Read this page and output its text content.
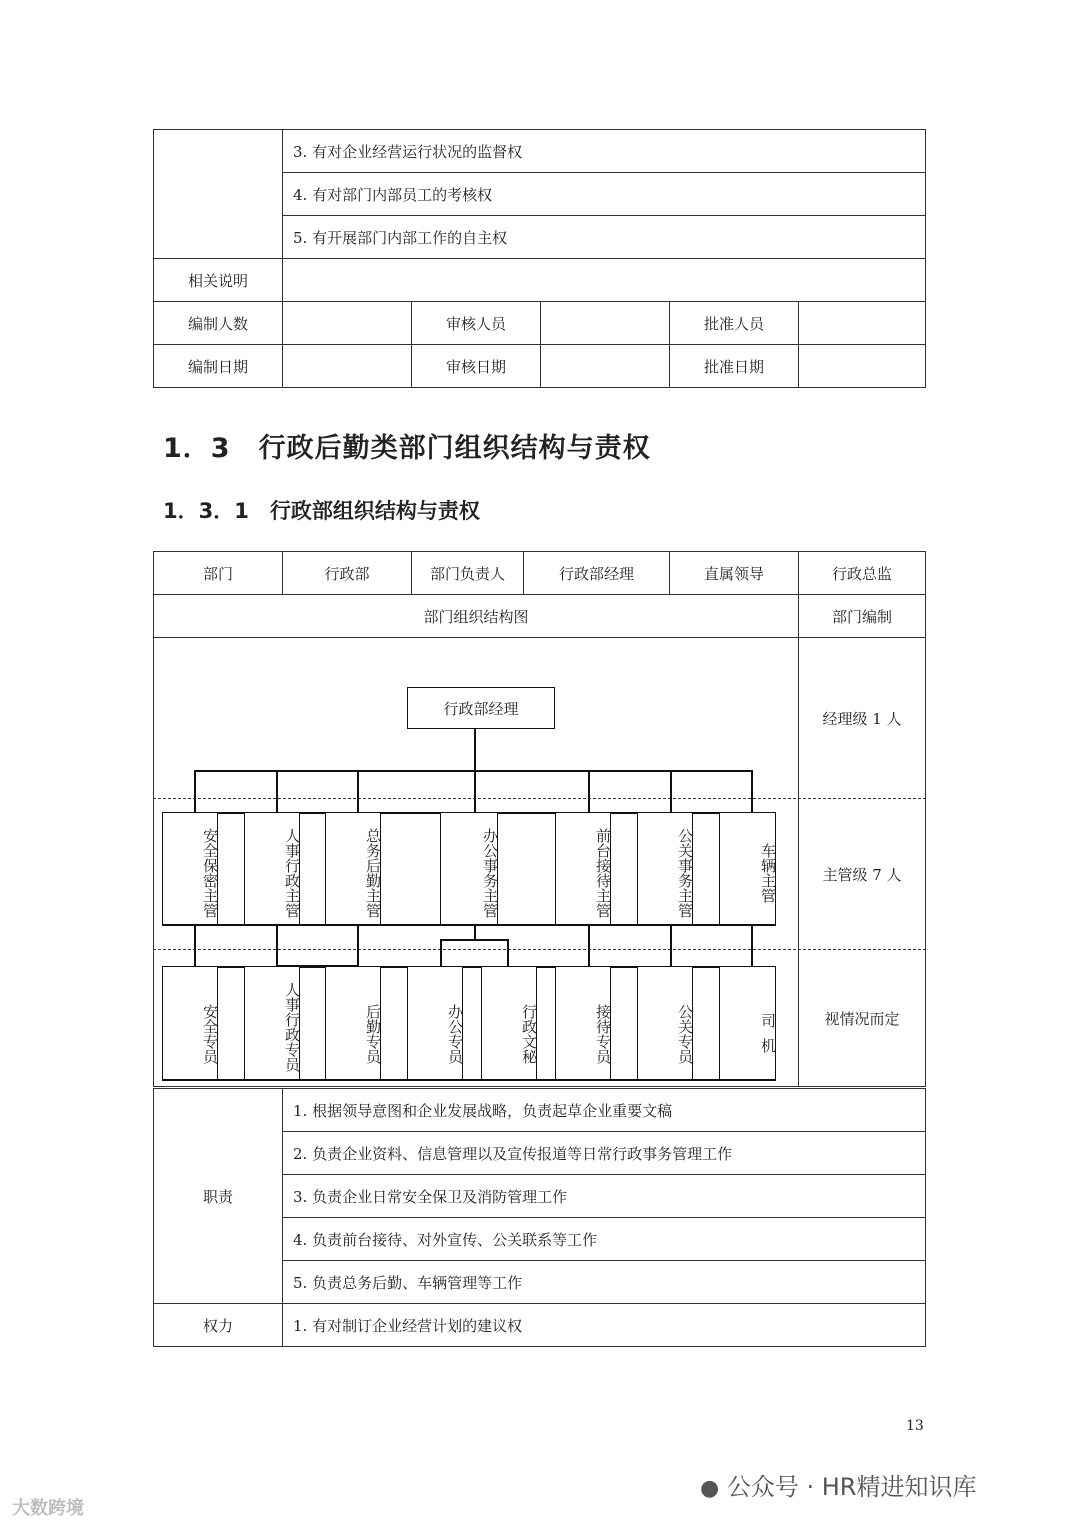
	3. 有对企业经营运行状况的监督权				
	4. 有对部门内部员工的考核权				
	5. 有开展部门内部工作的自主权				
相关说明					
编制人数		审核人员		批准人员	
编制日期		审核日期		批准日期	
1．3　行政后勤类部门组织结构与责权
1．3．1　行政部组织结构与责权
部门	行政部	部门负责人	行政部经理	直属领导	行政总监
部门组织结构图					部门编制

经理级 1 人
主管级 7 人
视情况而定
行政部经理
安全保密主管	人事行政主管	总务后勤主管	办公事务主管	前台接待主管	公关事务主管	车辆主管
安全专员	人事行政专员	后勤专员	办公专员	行政文秘	接待专员	公关专员	司机
职责	1. 根据领导意图和企业发展战略，负责起草企业重要文稿
	2. 负责企业资料、信息管理以及宣传报道等日常行政事务管理工作
	3. 负责企业日常安全保卫及消防管理工作
	4. 负责前台接待、对外宣传、公关联系等工作
	5. 负责总务后勤、车辆管理等工作
权力	1. 有对制订企业经营计划的建议权
13
● 公众号 · HR精进知识库
大数跨境
